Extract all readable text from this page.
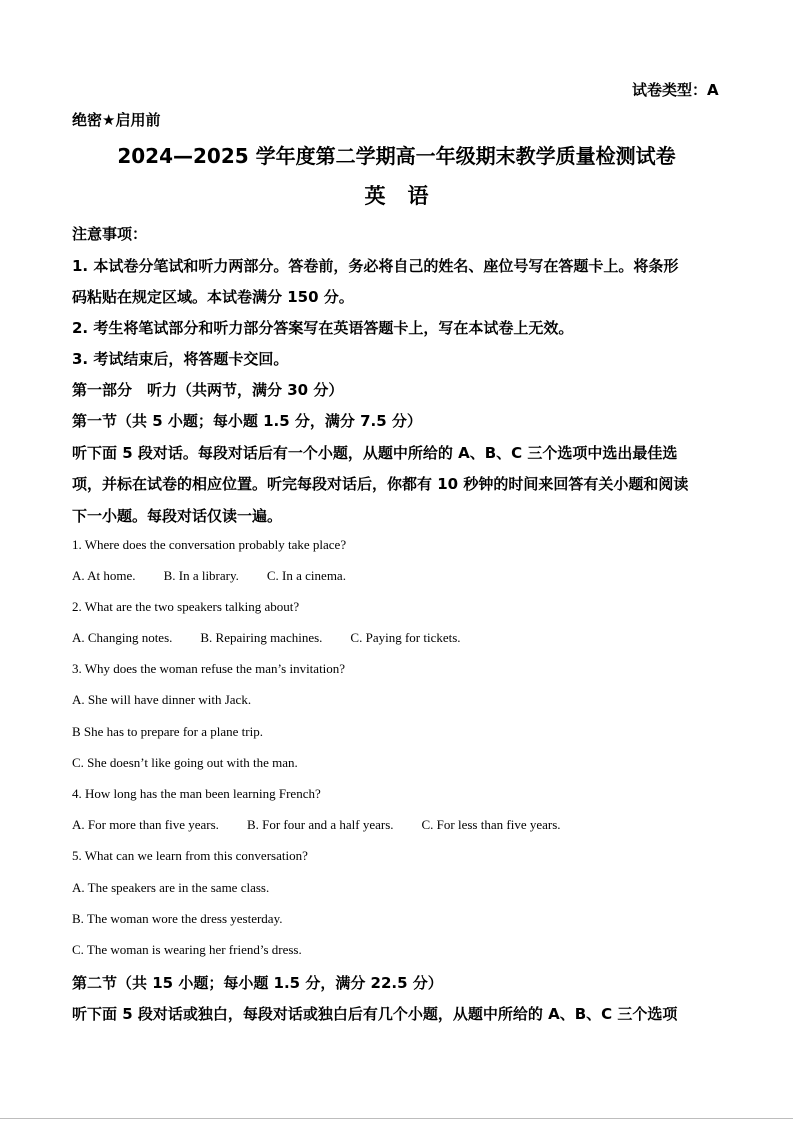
试卷类型：A
绝密★启用前
2024—2025 学年度第二学期高一年级期末教学质量检测试卷
英语
注意事项：
1. 本试卷分笔试和听力两部分。答卷前，务必将自己的姓名、座位号写在答题卡上。将条形
码粘贴在规定区域。本试卷满分 150 分。
2. 考生将笔试部分和听力部分答案写在英语答题卡上，写在本试卷上无效。
3. 考试结束后，将答题卡交回。
第一部分　听力（共两节，满分 30 分）
第一节（共 5 小题；每小题 1.5 分，满分 7.5 分）
听下面 5 段对话。每段对话后有一个小题，从题中所给的 A、B、C 三个选项中选出最佳选
项，并标在试卷的相应位置。听完每段对话后，你都有 10 秒钟的时间来回答有关小题和阅读
下一小题。每段对话仅读一遍。
1. Where does the conversation probably take place?
A. At home. B. In a library. C. In a cinema.
2. What are the two speakers talking about?
A. Changing notes. B. Repairing machines. C. Paying for tickets.
3. Why does the woman refuse the man’s invitation?
A. She will have dinner with Jack.
B She has to prepare for a plane trip.
C. She doesn’t like going out with the man.
4. How long has the man been learning French?
A. For more than five years. B. For four and a half years. C. For less than five years.
5. What can we learn from this conversation?
A. The speakers are in the same class.
B. The woman wore the dress yesterday.
C. The woman is wearing her friend’s dress.
第二节（共 15 小题；每小题 1.5 分，满分 22.5 分）
听下面 5 段对话或独白，每段对话或独白后有几个小题，从题中所给的 A、B、C 三个选项
